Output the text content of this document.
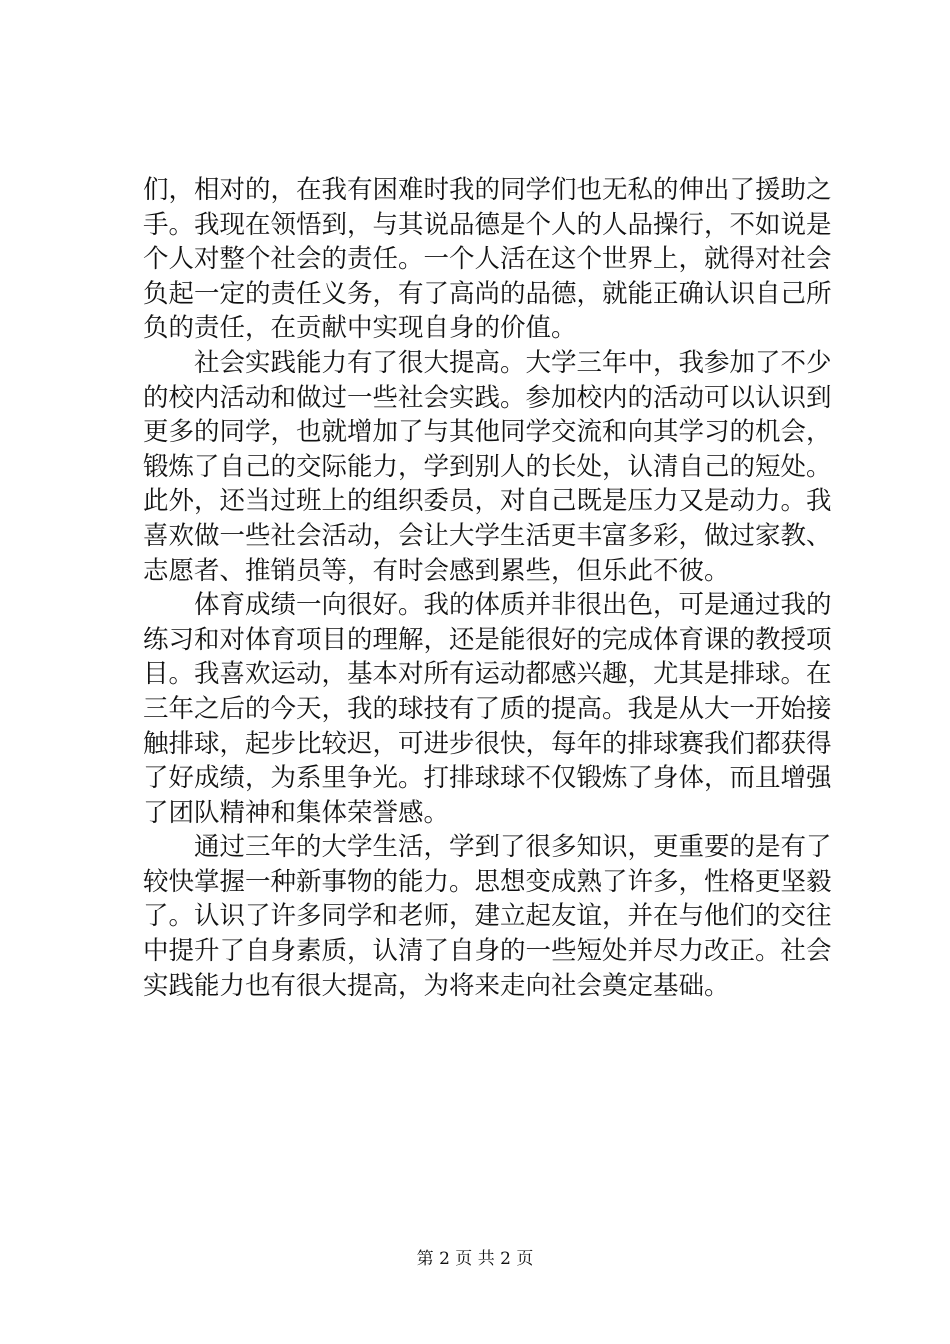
们，相对的，在我有困难时我的同学们也无私的伸出了援助之
手。我现在领悟到，与其说品德是个人的人品操行，不如说是
个人对整个社会的责任。一个人活在这个世界上，就得对社会
负起一定的责任义务，有了高尚的品德，就能正确认识自己所
负的责任，在贡献中实现自身的价值。
社会实践能力有了很大提高。大学三年中，我参加了不少
的校内活动和做过一些社会实践。参加校内的活动可以认识到
更多的同学，也就增加了与其他同学交流和向其学习的机会，
锻炼了自己的交际能力，学到别人的长处，认清自己的短处。
此外，还当过班上的组织委员，对自己既是压力又是动力。我
喜欢做一些社会活动，会让大学生活更丰富多彩，做过家教、
志愿者、推销员等，有时会感到累些，但乐此不彼。
体育成绩一向很好。我的体质并非很出色，可是通过我的
练习和对体育项目的理解，还是能很好的完成体育课的教授项
目。我喜欢运动，基本对所有运动都感兴趣，尤其是排球。在
三年之后的今天，我的球技有了质的提高。我是从大一开始接
触排球，起步比较迟，可进步很快，每年的排球赛我们都获得
了好成绩，为系里争光。打排球球不仅锻炼了身体，而且增强
了团队精神和集体荣誉感。
通过三年的大学生活，学到了很多知识，更重要的是有了
较快掌握一种新事物的能力。思想变成熟了许多，性格更坚毅
了。认识了许多同学和老师，建立起友谊，并在与他们的交往
中提升了自身素质，认清了自身的一些短处并尽力改正。社会
实践能力也有很大提高，为将来走向社会奠定基础。
第 2 页 共 2 页
